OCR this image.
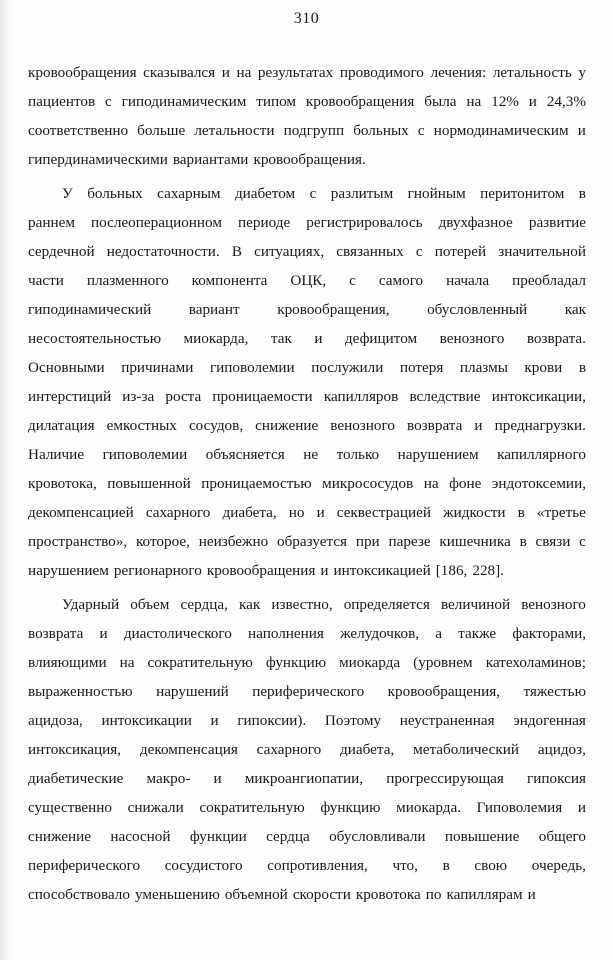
310
кровообращения сказывался и на результатах проводимого лечения: летальность у
пациентов с гиподинамическим типом кровообращения была на 12% и 24,3%
соответственно больше летальности подгрупп больных с нормодинамическим и
гипердинамическими вариантами кровообращения.
У больных сахарным диабетом с разлитым гнойным перитонитом в
раннем послеоперационном периоде регистрировалось двухфазное развитие
сердечной недостаточности. В ситуациях, связанных с потерей значительной
части плазменного компонента ОЦК, с самого начала преобладал
гиподинамический вариант кровообращения, обусловленный как
несостоятельностью миокарда, так и дефицитом венозного возврата.
Основными причинами гиповолемии послужили потеря плазмы крови в
интерстиций из-за роста проницаемости капилляров вследствие интоксикации,
дилатация емкостных сосудов, снижение венозного возврата и преднагрузки.
Наличие гиповолемии объясняется не только нарушением капиллярного
кровотока, повышенной проницаемостью микрососудов на фоне эндотоксемии,
декомпенсацией сахарного диабета, но и секвестрацией жидкости в «третье
пространство», которое, неизбежно образуется при парезе кишечника в связи с
нарушением регионарного кровообращения и интоксикацией [186, 228].
Ударный объем сердца, как известно, определяется величиной венозного
возврата и диастолического наполнения желудочков, а также факторами,
влияющими на сократительную функцию миокарда (уровнем катехоламинов;
выраженностью нарушений периферического кровообращения, тяжестью
ацидоза, интоксикации и гипоксии). Поэтому неустраненная эндогенная
интоксикация, декомпенсация сахарного диабета, метаболический ацидоз,
диабетические макро- и микроангиопатии, прогрессирующая гипоксия
существенно снижали сократительную функцию миокарда. Гиповолемия и
снижение насосной функции сердца обусловливали повышение общего
периферического сосудистого сопротивления, что, в свою очередь,
способствовало уменьшению объемной скорости кровотока по капиллярам и
